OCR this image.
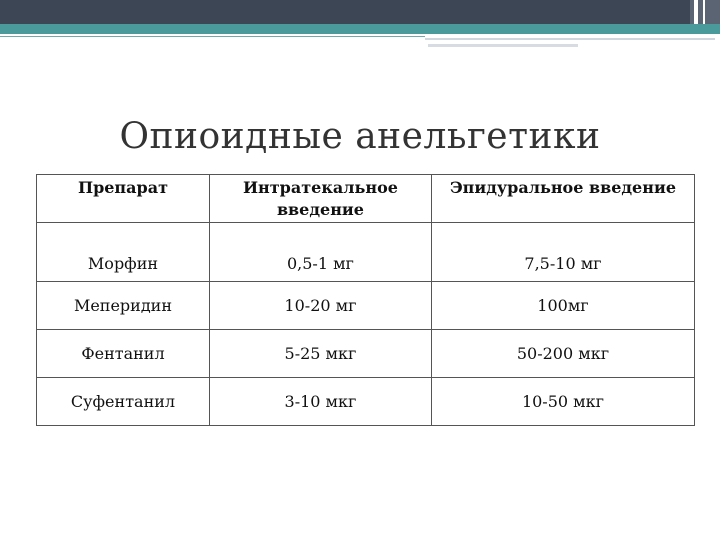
Опиоидные анельгетики
Препарат	Интратекальное введение	Эпидуральное введение
Морфин	0,5-1 мг	7,5-10 мг
Меперидин	10-20 мг	100мг
Фентанил	5-25 мкг	50-200 мкг
Суфентанил	3-10 мкг	10-50 мкг
